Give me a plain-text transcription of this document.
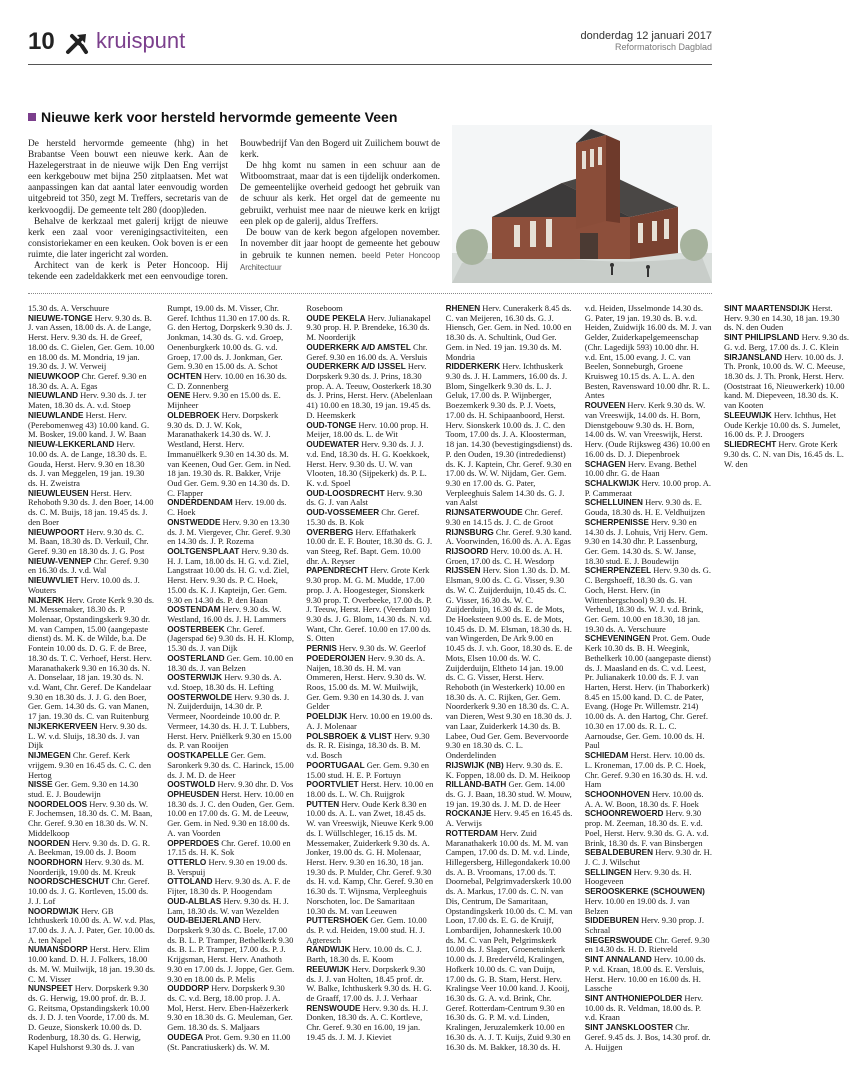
10 kruispunt	donderdag 12 januari 2017
Reformatorisch Dagblad
Nieuwe kerk voor hersteld hervormde gemeente Veen

De hersteld hervormde gemeente (hhg) in het Brabantse Veen bouwt een nieuwe kerk. Aan de Hazelegerstraat in de nieuwe wijk Den Eng verrijst een kerkgebouw met bijna 250 zitplaatsen. Met wat aanpassingen kan dat aantal later eenvoudig worden uitgebreid tot 350, zegt M. Treffers, secretaris van de kerkvoogdij. De gemeente telt 280 (doop)leden.

Behalve de kerkzaal met galerij krijgt de nieuwe kerk een zaal voor verenigingsactiviteiten, een consistoriekamer en een keuken. Ook boven is er een ruimte, die later ingericht zal worden.

Architect van de kerk is Peter Honcoop. Hij tekende een zadeldakkerk met een eenvoudige toren. Bouwbedrijf Van den Bogerd uit Zuilichem bouwt de kerk.

De hhg komt nu samen in een schuur aan de Witboomstraat, maar dat is een tijdelijk onderkomen. De gemeentelijke overheid gedoogt het gebruik van de schuur als kerk. Het orgel dat de gemeente nu gebruikt, verhuist mee naar de nieuwe kerk en krijgt een plek op de galerij, aldus Treffers.

De bouw van de kerk begon afgelopen november. In november dit jaar hoopt de gemeente het gebouw in gebruik te kunnen nemen. beeld Peter Honcoop Architectuur

15.30 ds. A. Verschuure

NIEUWE-TONGE Herv. 9.30 ds. B. J. van Assen, 18.00 ds. A. de Lange, Herst. Herv. 9.30 ds. H. de Greef, 18.00 ds. C. Gielen, Ger. Gem. 10.00 en 18.00 ds. M. Mondria, 19 jan. 19.30 ds. J. W. Verweij

NIEUWKOOP Chr. Geref. 9.30 en 18.30 ds. A. A. Egas

NIEUWLAND Herv. 9.30 ds. J. ter Maten, 18.30 ds. A. v.d. Stoep

NIEUWLANDE Herst. Herv. (Perebomenweg 43) 10.00 kand. G. M. Bosker, 19.00 kand. J. W. Baan

NIEUW-LEKKERLAND Herv. 10.00 ds. A. de Lange, 18.30 ds. E. Gouda, Herst. Herv. 9.30 en 18.30 ds. J. van Meggelen, 19 jan. 19.30 ds. H. Zweistra

NIEUWLEUSEN Herst. Herv. Rehoboth 9.30 ds. J. den Boer, 14.00 ds. C. M. Buijs, 18 jan. 19.45 ds. J. den Boer

NIEUWPOORT Herv. 9.30 ds. C. M. Baan, 18.30 ds. D. Verkuil, Chr. Geref. 9.30 en 18.30 ds. J. G. Post

NIEUW-VENNEP Chr. Geref. 9.30 en 16.30 ds. J. v.d. Wal

NIEUWVLIET Herv. 10.00 ds. J. Wouters

NIJKERK Herv. Grote Kerk 9.30 ds. M. Messemaker, 18.30 ds. P. Molenaar, Opstandingskerk 9.30 dr. M. van Campen, 15.00 (aangepaste dienst) ds. M. K. de Wilde, b.a. De Fontein 10.00 ds. D. G. F. de Bree, 18.30 ds. T. C. Verhoef, Herst. Herv. Maranathakerk 9.30 en 16.30 ds. N. A. Donselaar, 18 jan. 19.30 ds. N. v.d. Want, Chr. Geref. De Kandelaar 9.30 en 18.30 ds. J. J. G. den Boer, Ger. Gem. 14.30 ds. G. van Manen, 17 jan. 19.30 ds. C. van Ruitenburg

NIJKERKERVEEN Herv. 9.30 ds. L. W. v.d. Sluijs, 18.30 ds. J. van Dijk

NIJMEGEN Chr. Geref. Kerk vrijgem. 9.30 en 16.45 ds. C. C. den Hertog

NISSE Ger. Gem. 9.30 en 14.30 stud. E. J. Boudewijn

NOORDELOOS Herv. 9.30 ds. W. F. Jochemsen, 18.30 ds. C. M. Baan, Chr. Geref. 9.30 en 18.30 ds. W. N. Middelkoop

NOORDEN Herv. 9.30 ds. D. G. R. A. Beekman, 19.00 ds. J. Boom

NOORDHORN Herv. 9.30 ds. M. Noorderijk, 19.00 ds. M. Kreuk

NOORDSCHESCHUT Chr. Geref. 10.00 ds. J. G. Kortleven, 15.00 ds. J. J. Lof

NOORDWIJK Herv. GB Ichthuskerk 10.00 ds. A. W. v.d. Plas, 17.00 ds. J. A. J. Pater, Ger. 10.00 ds. A. ten Napel

NUMANSDORP Herst. Herv. Elim 10.00 kand. D. H. J. Folkers, 18.00 ds. M. W. Muilwijk, 18 jan. 19.30 ds. C. M. Visser

NUNSPEET Herv. Dorpskerk 9.30 ds. G. Herwig, 19.00 prof. dr. B. J. G. Reitsma, Opstandingskerk 10.00 ds. J. D. J. ten Voorde, 17.00 ds. M. D. Geuze, Sionskerk 10.00 ds. D. Rodenburg, 18.30 ds. G. Herwig, Kapel Hulshorst 9.30 ds. J. van Rumpt, 19.00 ds. M. Visser, Chr. Geref. Ichthus 11.30 en 17.00 ds. R. G. den Hertog, Dorpskerk 9.30 ds. J. Jonkman, 14.30 ds. G. v.d. Groep, Oenenburgkerk 10.00 ds. G. v.d. Groep, 17.00 ds. J. Jonkman, Ger. Gem. 9.30 en 15.00 ds. A. Schot

OCHTEN Herv. 10.00 en 16.30 ds. C. D. Zonnenberg

OENE Herv. 9.30 en 15.00 ds. E. Mijnheer

OLDEBROEK Herv. Dorpskerk 9.30 ds. D. J. W. Kok, Maranathakerk 14.30 ds. W. J. Westland, Herst. Herv. Immanuëlkerk 9.30 en 14.30 ds. M. van Keenen, Oud Ger. Gem. in Ned. 18 jan. 19.30 ds. R. Bakker, Vrije Oud Ger. Gem. 9.30 en 14.30 ds. D. C. Flapper

ONDERDENDAM Herv. 19.00 ds. C. Hoek

ONSTWEDDE Herv. 9.30 en 13.30 ds. J. M. Viergever, Chr. Geref. 9.30 en 14.30 ds. J. P. Rozema

OOLTGENSPLAAT Herv. 9.30 ds. H. J. Lam, 18.00 ds. H. G. v.d. Ziel, Langstraat 10.00 ds. H. G. v.d. Ziel, Herst. Herv. 9.30 ds. P. C. Hoek, 15.00 ds. K. J. Kapteijn, Ger. Gem. 9.30 en 14.30 ds. P. den Haan

OOSTENDAM Herv. 9.30 ds. W. Westland, 16.00 ds. J. H. Lammers

OOSTERBEEK Chr. Geref. (Jagerspad 6e) 9.30 ds. H. H. Klomp, 15.30 ds. J. van Dijk

OOSTERLAND Ger. Gem. 10.00 en 18.30 ds. J. van Belzen

OOSTERWIJK Herv. 9.30 ds. A. v.d. Stoep, 18.30 ds. H. Lefting

OOSTERWOLDE Herv. 9.30 ds. J. N. Zuijderduijn, 14.30 dr. P. Vermeer, Noordeinde 10.00 dr. P. Vermeer, 14.30 ds. H. J. T. Lubbers, Herst. Herv. Pniëlkerk 9.30 en 15.00 ds. P. van Rooijen

OOSTKAPELLE Ger. Gem. Saronkerk 9.30 ds. C. Harinck, 15.00 ds. J. M. D. de Heer

OOSTWOLD Herv. 9.30 dhr. D. Vos

OPHEUSDEN Herst. Herv. 10.00 en 18.30 ds. J. C. den Ouden, Ger. Gem. 10.00 en 17.00 ds. G. M. de Leeuw, Ger. Gem. in Ned. 9.30 en 18.00 ds. A. van Voorden

OPPERDOES Chr. Geref. 10.00 en 17.15 ds. H. K. Sok

OTTERLO Herv. 9.30 en 19.00 ds. B. Verspuij

OTTOLAND Herv. 9.30 ds. A. F. de Fijter, 18.30 ds. P. Hoogendam

OUD-ALBLAS Herv. 9.30 ds. H. J. Lam, 18.30 ds. W. van Wezelden

OUD-BEIJERLAND Herv. Dorpskerk 9.30 ds. C. Boele, 17.00 ds. B. L. P. Tramper, Bethelkerk 9.30 ds. B. L. P. Tramper, 17.00 ds. P. J. Krijgsman, Herst. Herv. Anathoth 9.30 en 17.00 ds. J. Joppe, Ger. Gem. 9.30 en 18.00 ds. P. Melis

OUDDORP Herv. Dorpskerk 9.30 ds. C. v.d. Berg, 18.00 prop. J. A. Mol, Herst. Herv. Eben-Haëzerkerk 9.30 en 18.30 ds. G. Meuleman, Ger. Gem. 18.30 ds. S. Maljaars

OUDEGA Prot. Gem. 9.30 en 11.00 (St. Pancratiuskerk) ds. W. M. Roseboom

OUDE PEKELA Herv. Julianakapel 9.30 prop. H. P. Brendeke, 16.30 ds. M. Noorderijk

OUDERKERK A/D AMSTEL Chr. Geref. 9.30 en 16.00 ds. A. Versluis

OUDERKERK A/D IJSSEL Herv. Dorpskerk 9.30 ds. J. Prins, 18.30 prop. A. A. Teeuw, Oosterkerk 18.30 ds. J. Prins, Herst. Herv. (Abelenlaan 41) 10.00 en 18.30, 19 jan. 19.45 ds. D. Heemskerk

OUD-TONGE Herv. 10.00 prop. H. Meijer, 18.00 ds. L. de Wit

OUDEWATER Herv. 9.30 ds. J. J. v.d. End, 18.30 ds. H. G. Koekkoek, Herst. Herv. 9.30 ds. U. W. van Vlooten, 18.30 (Sijpekerk) ds. P. L. K. v.d. Spoel

OUD-LOOSDRECHT Herv. 9.30 ds. G. J. van Aalst

OUD-VOSSEMEER Chr. Geref. 15.30 ds. B. Kok

OVERBERG Herv. Effathakerk 10.00 dr. E. F. Bouter, 18.30 ds. G. J. van Steeg, Ref. Bapt. Gem. 10.00 dhr. A. Reyser

PAPENDRECHT Herv. Grote Kerk 9.30 prop. M. G. M. Mudde, 17.00 prop. J. A. Hoogesteger, Sionskerk 9.30 prop. T. Overbeeke, 17.00 ds. P. J. Teeuw, Herst. Herv. (Veerdam 10) 9.30 ds. J. G. Blom, 14.30 ds. N. v.d. Want, Chr. Geref. 10.00 en 17.00 ds. S. Otten

PERNIS Herv. 9.30 ds. W. Geerlof

POEDEROIJEN Herv. 9.30 ds. A. Naijen, 18.30 ds. H. M. van Ommeren, Herst. Herv. 9.30 ds. W. Roos, 15.00 ds. M. W. Muilwijk, Ger. Gem. 9.30 en 14.30 ds. J. van Gelder

POELDIJK Herv. 10.00 en 19.00 ds. A. J. Molenaar

POLSBROEK & VLIST Herv. 9.30 ds. R. R. Eisinga, 18.30 ds. B. M. v.d. Bosch

POORTUGAAL Ger. Gem. 9.30 en 15.00 stud. H. E. P. Fortuyn

POORTVLIET Herst. Herv. 10.00 en 18.00 ds. L. W. Ch. Ruijgrok

PUTTEN Herv. Oude Kerk 8.30 en 10.00 ds. A. L. van Zwet, 18.45 ds. W. van Vreeswijk, Nieuwe Kerk 9.00 ds. I. Wüllschleger, 16.15 ds. M. Messemaker, Zuiderkerk 9.30 ds. A. Jonker, 19.00 ds. G. H. Molenaar, Herst. Herv. 9.30 en 16.30, 18 jan. 19.30 ds. P. Mulder, Chr. Geref. 9.30 ds. H. v.d. Kamp, Chr. Geref. 9.30 en 16.30 ds. T. Wijnsma, Verpleeghuis Norschoten, loc. De Samaritaan 10.30 ds. M. van Leeuwen

PUTTERSHOEK Ger. Gem. 10.00 ds. P. v.d. Heiden, 19.00 stud. H. J. Agteresch

RANDWIJK Herv. 10.00 ds. C. J. Barth, 18.30 ds. E. Koom

REEUWIJK Herv. Dorpskerk 9.30 ds. J. J. van Holten, 18.45 prof. dr. W. Balke, Ichthuskerk 9.30 ds. H. G. de Graaff, 17.00 ds. J. J. Verhaar

RENSWOUDE Herv. 9.30 ds. H. J. Donken, 18.30 ds. A. C. Kortleve, Chr. Geref. 9.30 en 16.00, 19 jan. 19.45 ds. J. M. J. Kieviet

RHENEN Herv. Cunerakerk 8.45 ds. C. van Meijeren, 16.30 ds. G. J. Hiensch, Ger. Gem. in Ned. 10.00 en 18.30 ds. A. Schultink, Oud Ger. Gem. in Ned. 19 jan. 19.30 ds. M. Mondria

RIDDERKERK Herv. Ichthuskerk 9.30 ds. J. H. Lammers, 16.00 ds. J. Blom, Singelkerk 9.30 ds. L. J. Geluk, 17.00 ds. P. Wijnberger, Boezemkerk 9.30 ds. P. J. Voets, 17.00 ds. H. Schipaanboord, Herst. Herv. Sionskerk 10.00 ds. J. C. den Toom, 17.00 ds. J. A. Kloosterman, 18 jan. 14.30 (bevestigingsdienst) ds. P. den Ouden, 19.30 (intrededienst) ds. K. J. Kaptein, Chr. Geref. 9.30 en 17.00 ds. W. W. Nijdam, Ger. Gem. 9.30 en 17.00 ds. G. Pater, Verpleeghuis Salem 14.30 ds. G. J. van Aalst

RIJNSATERWOUDE Chr. Geref. 9.30 en 14.15 ds. J. C. de Groot

RIJNSBURG Chr. Geref. 9.30 kand. A. Voorwinden, 16.00 ds. A. A. Egas

RIJSOORD Herv. 10.00 ds. A. H. Groen, 17.00 ds. C. H. Wesdorp

RIJSSEN Herv. Sion 1.30 ds. D. M. Elsman, 9.00 ds. C. G. Visser, 9.30 ds. W. C. Zuijderduijn, 10.45 ds. C. G. Visser, 16.30 ds. W. C. Zuijderduijn, 16.30 ds. E. de Mots, De Hoeksteen 9.00 ds. E. de Mots, 10.45 ds. D. M. Elsman, 18.30 ds. H. van Wingerden, De Ark 9.00 en 10.45 ds. J. v.h. Goor, 18.30 ds. E. de Mots, Elsen 10.00 ds. W. C. Zuijderduijn, Eltheto 14 jan. 19.00 ds. C. G. Visser, Herst. Herv. Rehoboth (in Westerkerk) 10.00 en 18.30 ds. A. C. Rijken, Ger. Gem. Noorderkerk 9.30 en 18.30 ds. C. A. van Dieren, West 9.30 en 18.30 ds. J. van Laar, Zuiderkerk 14.30 ds. B. Labee, Oud Ger. Gem. Bevervoorde 9.30 en 18.30 ds. C. L. Onderdelinden

RIJSWIJK (NB) Herv. 9.30 ds. E. K. Foppen, 18.00 ds. D. M. Heikoop

RILLAND-BATH Ger. Gem. 14.00 ds. G. J. Baan, 18.30 stud. W. Mouw, 19 jan. 19.30 ds. J. M. D. de Heer

ROCKANJE Herv. 9.45 en 16.45 ds. A. Verwijs

ROTTERDAM Herv. Zuid Maranathakerk 10.00 ds. M. M. van Campen, 17.00 ds. D. M. v.d. Linde, Hillegersberg, Hillegondakerk 10.00 ds. A. B. Vroomans, 17.00 ds. T. Doornebal, Pelgrimvaderskerk 10.00 ds. A. Markus, 17.00 ds. C. N. van Dis, Centrum, De Samaritaan, Opstandingskerk 10.00 ds. C. M. van Loon, 17.00 ds. E. G. de Kruijf, Lombardijen, Johanneskerk 10.00 ds. M. C. van Pelt, Pelgrimskerk 10.00 ds. J. Slager, Groenetuinkerk 10.00 ds. J. Bredervéld, Kralingen, Hofkerk 10.00 ds. C. van Duijn, 17.00 ds. G. B. Stam, Herst. Herv. Kralingse Veer 10.00 kand. J. Kooij, 16.30 ds. G. A. v.d. Brink, Chr. Geref. Rotterdam-Centrum 9.30 en 16.30 ds. G. P. M. v.d. Linden, Kralingen, Jeruzalemkerk 10.00 en 16.30 ds. A. J. T. Kuijs, Zuid 9.30 en 16.30 ds. M. Bakker, 18.30 ds. H. v.d. Heiden, IJsselmonde 14.30 ds. G. Pater, 19 jan. 19.30 ds. B. v.d. Heiden, Zuidwijk 16.00 ds. M. J. van Gelder, Zuiderkapelgemeenschap (Chr. Lagedijk 593) 10.00 dhr. H. v.d. Ent, 15.00 evang. J. C. van Beelen, Sonneburgh, Groene Kruisweg 10.15 ds. A. L. A. den Besten, Ravensward 10.00 dhr. R. L. Antes

ROUVEEN Herv. Kerk 9.30 ds. W. van Vreeswijk, 14.00 ds. H. Born, Dienstgebouw 9.30 ds. H. Born, 14.00 ds. W. van Vreeswijk, Herst. Herv. (Oude Rijksweg 436) 10.00 en 16.00 ds. D. J. Diepenbroek

SCHAGEN Herv. Evang. Bethel 10.00 dhr. G. de Haan

SCHALKWIJK Herv. 10.00 prop. A. P. Cammeraat

SCHELLUINEN Herv. 9.30 ds. E. Gouda, 18.30 ds. H. E. Veldhuijzen

SCHERPENISSE Herv. 9.30 en 14.30 ds. J. Lohuis, Vrij Herv. Gem. 9.30 en 14.30 dhr. P. Lassenburg, Ger. Gem. 14.30 ds. S. W. Janse, 18.30 stud. E. J. Boudewijn

SCHERPENZEEL Herv. 9.30 ds. G. C. Bergshoeff, 18.30 ds. G. van Goch, Herst. Herv. (in Wittenbergschool) 9.30 ds. H. Verheul, 18.30 ds. W. J. v.d. Brink, Ger. Gem. 10.00 en 18.30, 18 jan. 19.30 ds. A. Verschuure

SCHEVENINGEN Prot. Gem. Oude Kerk 10.30 ds. B. H. Weegink, Bethelkerk 10.00 (aangepaste dienst) ds. J. Maasland en ds. C. v.d. Leest, Pr. Julianakerk 10.00 ds. F. J. van Harten, Herst. Herv. (in Thaborkerk) 8.45 en 15.00 kand. D. C. de Pater, Evang. (Hoge Pr. Willemstr. 214) 10.00 ds. A. den Hartog, Chr. Geref. 10.30 en 17.00 ds. R. L. C. Aarnoudse, Ger. Gem. 10.00 ds. H. Paul

SCHIEDAM Herst. Herv. 10.00 ds. L. Kroneman, 17.00 ds. P. C. Hoek, Chr. Geref. 9.30 en 16.30 ds. H. v.d. Ham

SCHOONHOVEN Herv. 10.00 ds. A. A. W. Boon, 18.30 ds. F. Hoek

SCHOONREWOERD Herv. 9.30 prop. M. Zeeman, 18.30 ds. E. v.d. Poel, Herst. Herv. 9.30 ds. G. A. v.d. Brink, 18.30 ds. F. van Binsbergen

SEBALDEBUREN Herv. 9.30 dr. H. J. C. J. Wilschut

SELLINGEN Herv. 9.30 ds. H. Hoogeveen

SEROOSKERKE (SCHOUWEN) Herv. 10.00 en 19.00 ds. J. van Belzen

SIDDEBUREN Herv. 9.30 prop. J. Schraal

SIEGERSWOUDE Chr. Geref. 9.30 en 14.30 ds. H. D. Rietveld

SINT ANNALAND Herv. 10.00 ds. P. v.d. Kraan, 18.00 ds. E. Versluis, Herst. Herv. 10.00 en 16.00 ds. H. Lassche

SINT ANTHONIEPOLDER Herv. 10.00 ds. R. Veldman, 18.00 ds. P. v.d. Kraan

SINT JANSKLOOSTER Chr. Geref. 9.45 ds. J. Bos, 14.30 prof. dr. A. Huijgen

SINT MAARTENSDIJK Herst. Herv. 9.30 en 14.30, 18 jan. 19.30 ds. N. den Ouden

SINT PHILIPSLAND Herv. 9.30 ds. G. v.d. Berg, 17.00 ds. J. C. Klein

SIRJANSLAND Herv. 10.00 ds. J. Th. Pronk, 10.00 ds. W. C. Meeuse, 18.30 ds. J. Th. Pronk, Herst. Herv. (Ooststraat 16, Nieuwerkerk) 10.00 kand. M. Diepeveen, 18.30 ds. K. van Kooten

SLEEUWIJK Herv. Ichthus, Het Oude Kerkje 10.00 ds. S. Jumelet, 16.00 ds. P. J. Droogers

SLIEDRECHT Herv. Grote Kerk 9.30 ds. C. N. van Dis, 16.45 ds. L. W. den
